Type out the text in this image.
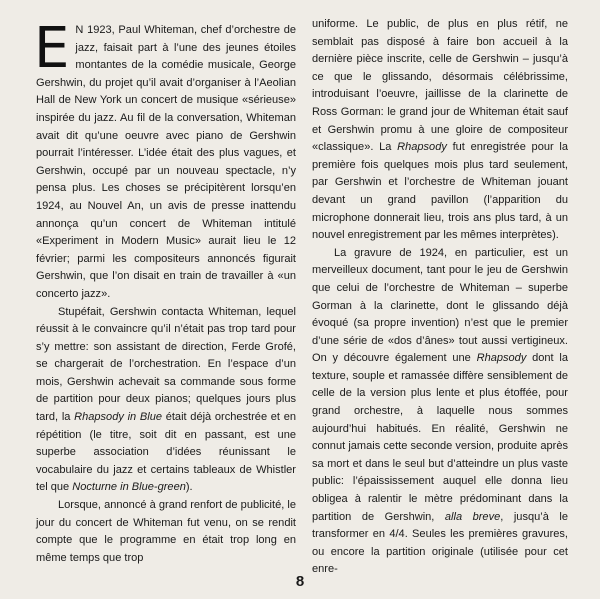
E N 1923, Paul Whiteman, chef d’orchestre de jazz, faisait part à l’une des jeunes étoiles montantes de la comédie musicale, George Gershwin, du projet qu’il avait d’organiser à l’Aeolian Hall de New York un concert de musique «sérieuse» inspirée du jazz. Au fil de la conversation, Whiteman avait dit qu’une oeuvre avec piano de Gershwin pourrait l’intéresser. L’idée était des plus vagues, et Gershwin, occupé par un nouveau spectacle, n’y pensa plus. Les choses se précipitèrent lorsqu’en 1924, au Nouvel An, un avis de presse inattendu annonça qu’un concert de Whiteman intitulé «Experiment in Modern Music» aurait lieu le 12 février; parmi les compositeurs annoncés figurait Gershwin, que l’on disait en train de travailler à «un concerto jazz».

Stupéfait, Gershwin contacta Whiteman, lequel réussit à le convaincre qu’il n’était pas trop tard pour s’y mettre: son assistant de direction, Ferde Grofé, se chargerait de l’orchestration. En l’espace d’un mois, Gershwin achevait sa commande sous forme de partition pour deux pianos; quelques jours plus tard, la Rhapsody in Blue était déjà orchestrée et en répétition (le titre, soit dit en passant, est une superbe association d’idées réunissant le vocabulaire du jazz et certains tableaux de Whistler tel que Nocturne in Blue-green).

Lorsque, annoncé à grand renfort de publicité, le jour du concert de Whiteman fut venu, on se rendit compte que le programme en était trop long en même temps que trop

uniforme. Le public, de plus en plus rétif, ne semblait pas disposé à faire bon accueil à la dernière pièce inscrite, celle de Gershwin – jusqu’à ce que le glissando, désormais célébrissime, introduisant l’oeuvre, jaillisse de la clarinette de Ross Gorman: le grand jour de Whiteman était sauf et Gershwin promu à une gloire de compositeur «classique». La Rhapsody fut enregistrée pour la première fois quelques mois plus tard seulement, par Gershwin et l’orchestre de Whiteman jouant devant un grand pavillon (l’apparition du microphone donnerait lieu, trois ans plus tard, à un nouvel enregistrement par les mêmes interprètes).

La gravure de 1924, en particulier, est un merveilleux document, tant pour le jeu de Gershwin que celui de l’orchestre de Whiteman – superbe Gorman à la clarinette, dont le glissando déjà évoqué (sa propre invention) n’est que le premier d’une série de «dos d’ânes» tout aussi vertigineux. On y découvre également une Rhapsody dont la texture, souple et ramassée diffère sensiblement de celle de la version plus lente et plus étoffée, pour grand orchestre, à laquelle nous sommes aujourd’hui habitués. En réalité, Gershwin ne connut jamais cette seconde version, produite après sa mort et dans le seul but d’atteindre un plus vaste public: l’épaississement auquel elle donna lieu obligea à ralentir le mètre prédominant dans la partition de Gershwin, alla breve, jusqu’à le transformer en 4/4. Seules les premières gravures, ou encore la partition originale (utilisée pour cet enre-

8
